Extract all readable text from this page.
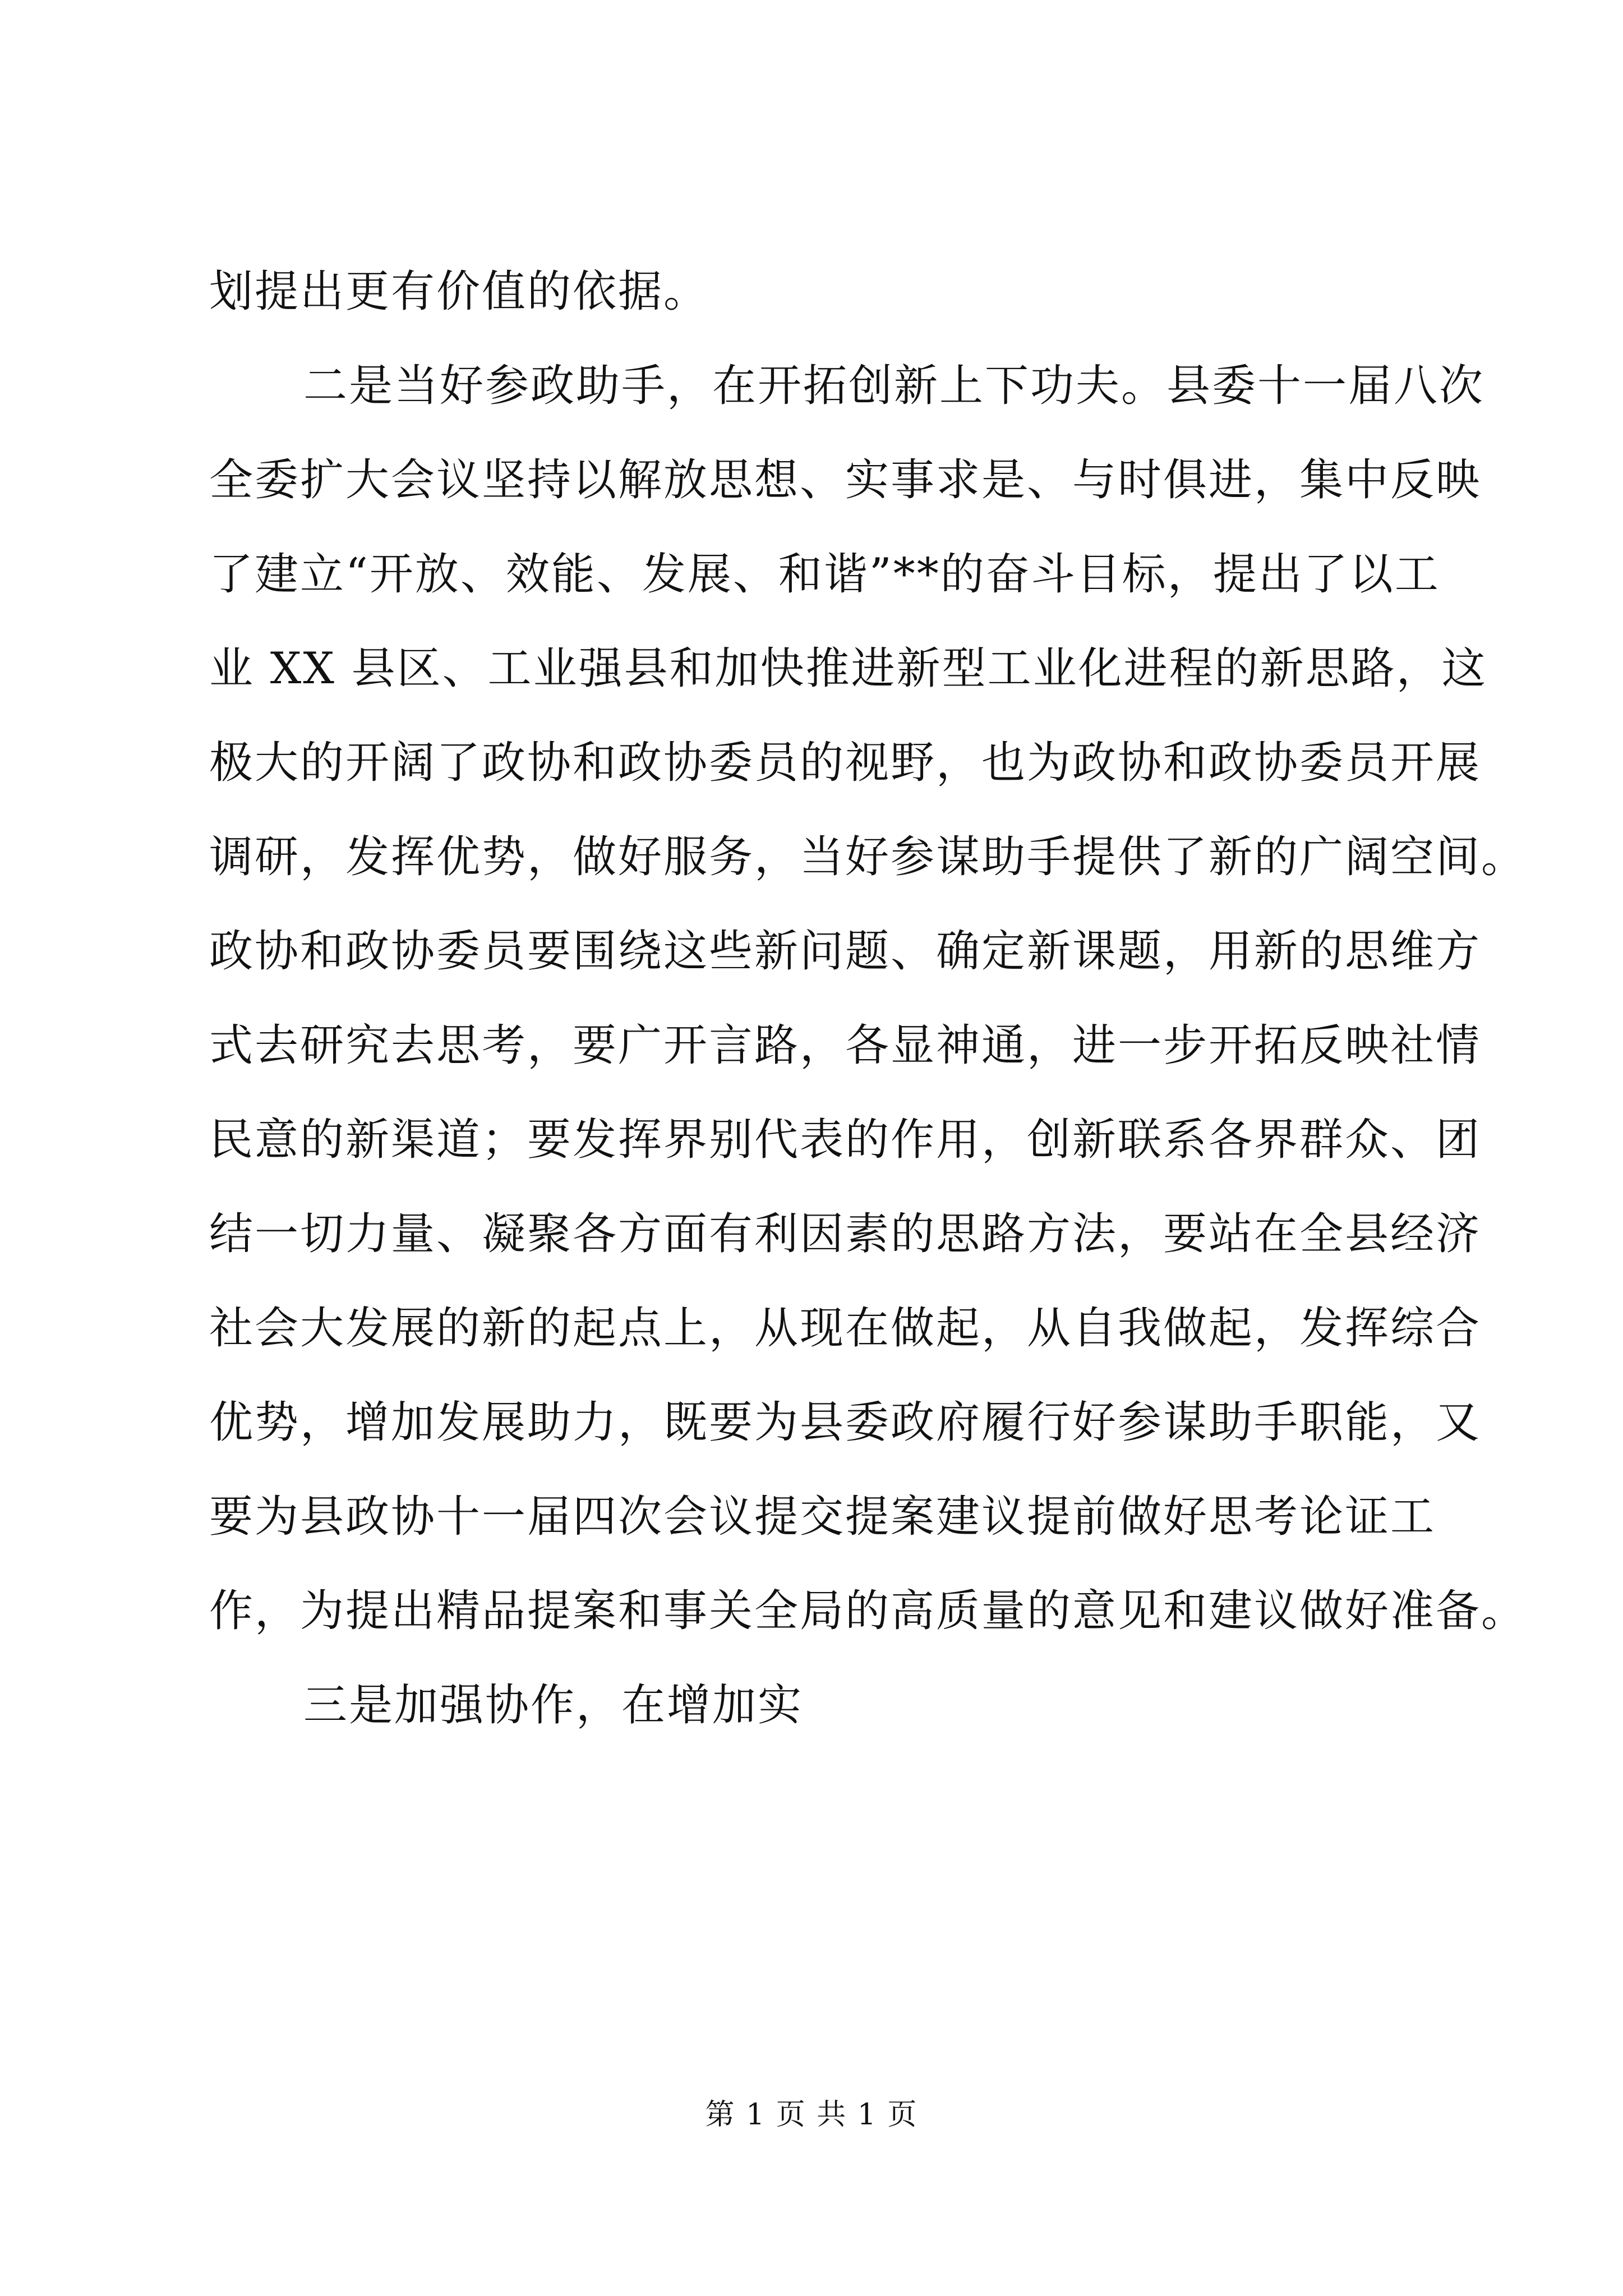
划提出更有价值的依据。
二是当好参政助手，在开拓创新上下功夫。县委十一届八次
全委扩大会议坚持以解放思想、实事求是、与时俱进，集中反映
了建立“开放、效能、发展、和谐”**的奋斗目标，提出了以工
业 XX 县区、工业强县和加快推进新型工业化进程的新思路，这
极大的开阔了政协和政协委员的视野，也为政协和政协委员开展
调研，发挥优势，做好服务，当好参谋助手提供了新的广阔空间。
政协和政协委员要围绕这些新问题、确定新课题，用新的思维方
式去研究去思考，要广开言路，各显神通，进一步开拓反映社情
民意的新渠道；要发挥界别代表的作用，创新联系各界群众、团
结一切力量、凝聚各方面有利因素的思路方法，要站在全县经济
社会大发展的新的起点上，从现在做起，从自我做起，发挥综合
优势，增加发展助力，既要为县委政府履行好参谋助手职能，又
要为县政协十一届四次会议提交提案建议提前做好思考论证工
作，为提出精品提案和事关全局的高质量的意见和建议做好准备。
三是加强协作，在增加实
第 1 页 共 1 页
